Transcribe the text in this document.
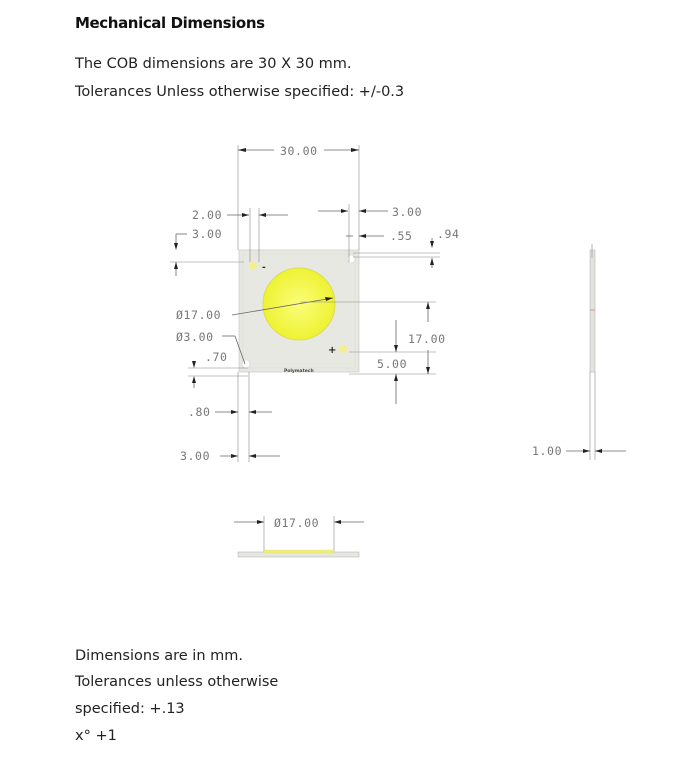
Mechanical Dimensions
The COB dimensions are 30 X 30 mm.
Tolerances Unless otherwise specified: +/-0.3
-
+
Polymatech
30.00
2.00
3.00
3.00
.55 .94
Ø17.00
Ø3.00
.70
17.00
5.00
.80
3.00	1.00
Ø17.00
Dimensions are in mm.
Tolerances unless otherwise
specified: +.13
x° +1
